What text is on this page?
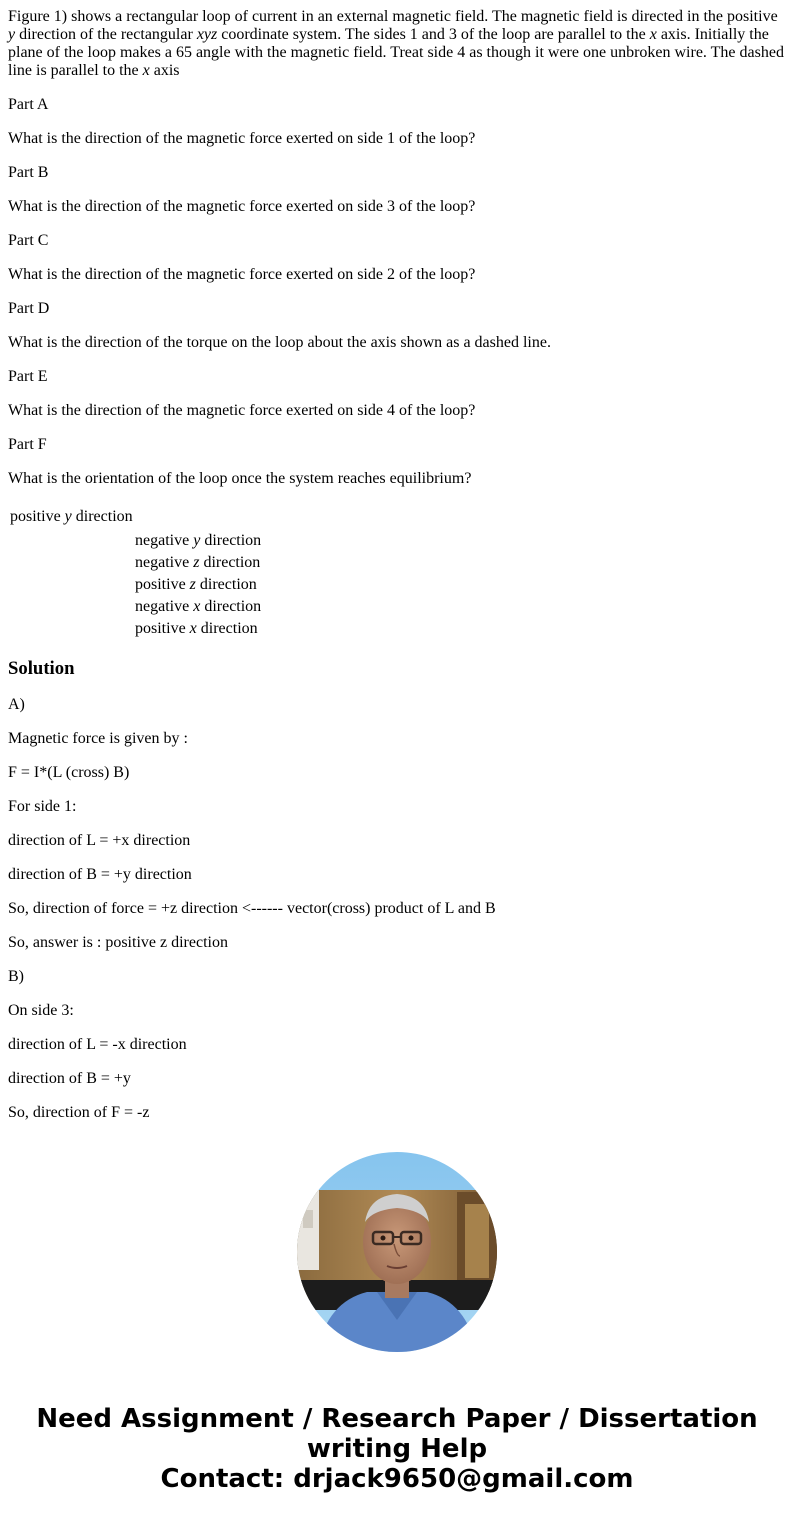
Figure 1) shows a rectangular loop of current in an external magnetic field. The magnetic field is directed in the positive y direction of the rectangular xyz coordinate system. The sides 1 and 3 of the loop are parallel to the x axis. Initially the plane of the loop makes a 65 angle with the magnetic field. Treat side 4 as though it were one unbroken wire. The dashed line is parallel to the x axis

Part A

What is the direction of the magnetic force exerted on side 1 of the loop?

Part B

What is the direction of the magnetic force exerted on side 3 of the loop?

Part C

What is the direction of the magnetic force exerted on side 2 of the loop?

Part D

What is the direction of the torque on the loop about the axis shown as a dashed line.

Part E

What is the direction of the magnetic force exerted on side 4 of the loop?

Part F

What is the orientation of the loop once the system reaches equilibrium?

positive y direction
negative y direction
negative z direction
positive z direction
negative x direction
positive x direction
Solution

A)

Magnetic force is given by :

F = I*(L (cross) B)

For side 1:

direction of L = +x direction

direction of B = +y direction

So, direction of force = +z direction <------ vector(cross) product of L and B

So, answer is : positive z direction

B)

On side 3:

direction of L = -x direction

direction of B = +y

So, direction of F = -z

Need Assignment / Research Paper / Dissertation
writing Help
Contact: drjack9650@gmail.com
